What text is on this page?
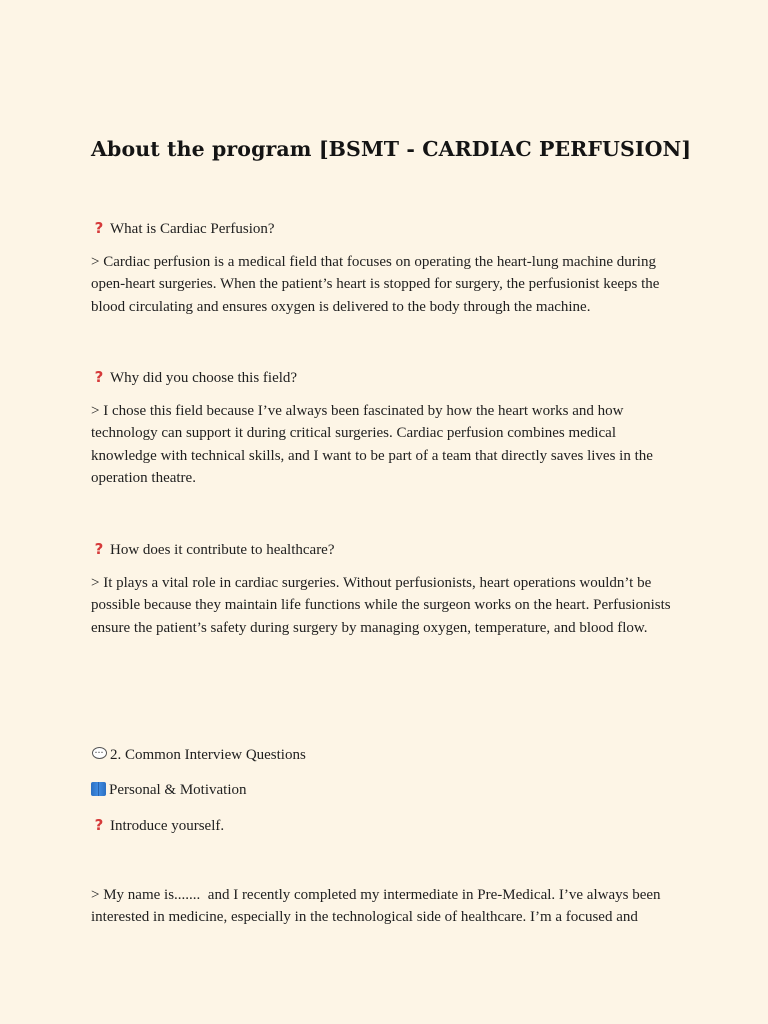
About the program [BSMT - CARDIAC PERFUSION]
? What is Cardiac Perfusion?
> Cardiac perfusion is a medical field that focuses on operating the heart-lung machine during open-heart surgeries. When the patient’s heart is stopped for surgery, the perfusionist keeps the blood circulating and ensures oxygen is delivered to the body through the machine.
? Why did you choose this field?
> I chose this field because I’ve always been fascinated by how the heart works and how technology can support it during critical surgeries. Cardiac perfusion combines medical knowledge with technical skills, and I want to be part of a team that directly saves lives in the operation theatre.
? How does it contribute to healthcare?
> It plays a vital role in cardiac surgeries. Without perfusionists, heart operations wouldn’t be possible because they maintain life functions while the surgeon works on the heart. Perfusionists ensure the patient’s safety during surgery by managing oxygen, temperature, and blood flow.
···2. Common Interview Questions
Personal & Motivation
? Introduce yourself.
> My name is.......  and I recently completed my intermediate in Pre-Medical. I’ve always been interested in medicine, especially in the technological side of healthcare. I’m a focused and
